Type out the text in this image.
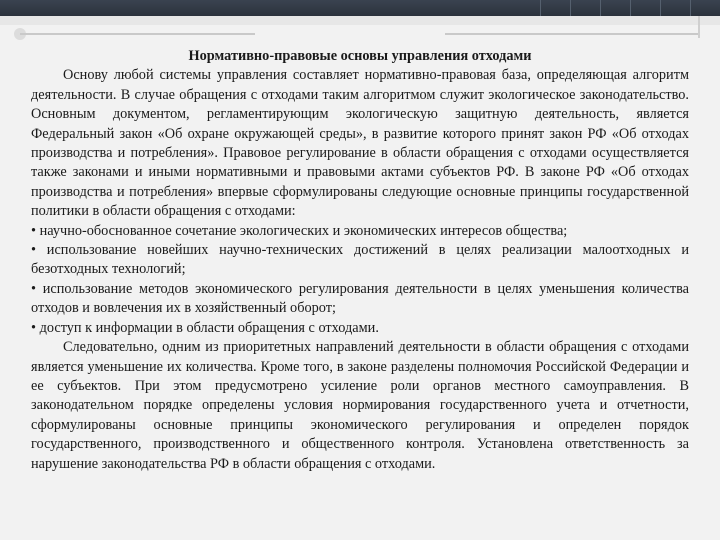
Нормативно-правовые основы управления отходами

Основу любой системы управления составляет нормативно-правовая база, определяющая алгоритм деятельности. В случае обращения с отходами таким алгоритмом служит экологическое законодательство. Основным документом, регламентирующим экологическую защитную деятельность, является Федеральный закон «Об охране окружающей среды», в развитие которого принят закон РФ «Об отходах производства и потребления». Правовое регулирование в области обращения с отходами осуществляется также законами и иными нормативными и правовыми актами субъектов РФ. В законе РФ «Об отходах производства и потребления» впервые сформулированы следующие основные принципы государственной политики в области обращения с отходами:

• научно-обоснованное сочетание экологических и экономических интересов общества;

• использование новейших научно-технических достижений в целях реализации малоотходных и безотходных технологий;

• использование методов экономического регулирования деятельности в целях уменьшения количества отходов и вовлечения их в хозяйственный оборот;

• доступ к информации в области обращения с отходами.

Следовательно, одним из приоритетных направлений деятельности в области обращения с отходами является уменьшение их количества. Кроме того, в законе разделены полномочия Российской Федерации и ее субъектов. При этом предусмотрено усиление роли органов местного самоуправления. В законодательном порядке определены условия нормирования государственного учета и отчетности, сформулированы основные принципы экономического регулирования и определен порядок государственного, производственного и общественного контроля. Установлена ответственность за нарушение законодательства РФ в области обращения с отходами.
